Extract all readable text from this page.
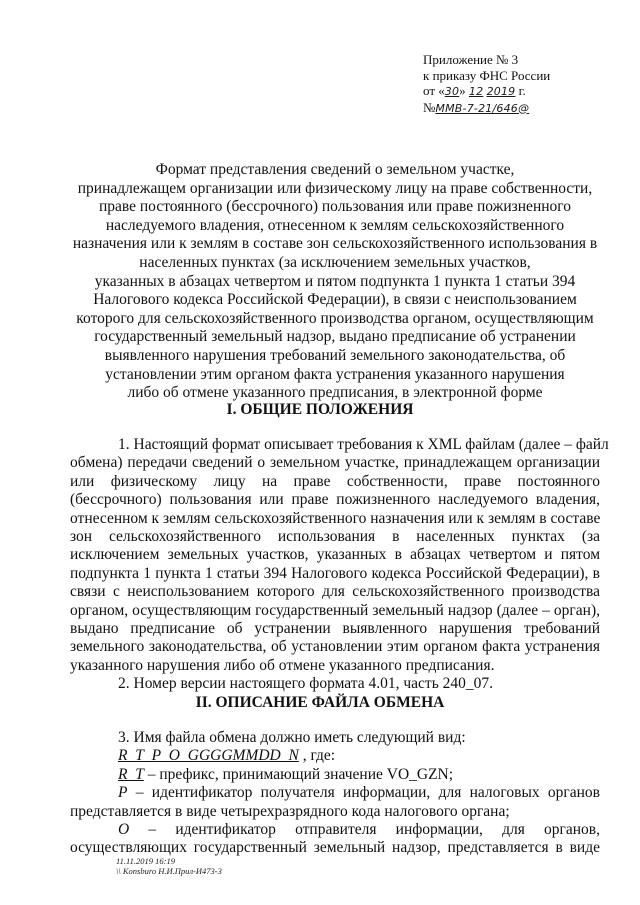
Приложение № 3
к приказу ФНС России
от «30» 12 2019 г.
№ММВ-7-21/646@
Формат представления сведений о земельном участке,
принадлежащем организации или физическому лицу на праве собственности,
праве постоянного (бессрочного) пользования или праве пожизненного
наследуемого владения, отнесенном к землям сельскохозяйственного
назначения или к землям в составе зон сельскохозяйственного использования в
населенных пунктах (за исключением земельных участков,
указанных в абзацах четвертом и пятом подпункта 1 пункта 1 статьи 394
Налогового кодекса Российской Федерации), в связи с неиспользованием
которого для сельскохозяйственного производства органом, осуществляющим
государственный земельный надзор, выдано предписание об устранении
выявленного нарушения требований земельного законодательства, об
установлении этим органом факта устранения указанного нарушения
либо об отмене указанного предписания, в электронной форме
I. ОБЩИЕ ПОЛОЖЕНИЯ
1. Настоящий формат описывает требования к XML файлам (далее – файл
обмена) передачи сведений о земельном участке, принадлежащем организации
или физическому лицу на праве собственности, праве постоянного
(бессрочного) пользования или праве пожизненного наследуемого владения,
отнесенном к землям сельскохозяйственного назначения или к землям в составе
зон сельскохозяйственного использования в населенных пунктах (за
исключением земельных участков, указанных в абзацах четвертом и пятом
подпункта 1 пункта 1 статьи 394 Налогового кодекса Российской Федерации), в
связи с неиспользованием которого для сельскохозяйственного производства
органом, осуществляющим государственный земельный надзор (далее – орган),
выдано предписание об устранении выявленного нарушения требований
земельного законодательства, об установлении этим органом факта устранения
указанного нарушения либо об отмене указанного предписания.
2. Номер версии настоящего формата 4.01, часть 240_07.
II. ОПИСАНИЕ ФАЙЛА ОБМЕНА
3. Имя файла обмена должно иметь следующий вид:
R_T_P_O_GGGGMMDD_N , где:
R_T – префикс, принимающий значение VO_GZN;
P – идентификатор получателя информации, для налоговых органов
представляется в виде четырехразрядного кода налогового органа;
O – идентификатор отправителя информации, для органов,
осуществляющих государственный земельный надзор, представляется в виде
11.11.2019 16:19
\\ Konsburo Н.И.Прил-И473-3
